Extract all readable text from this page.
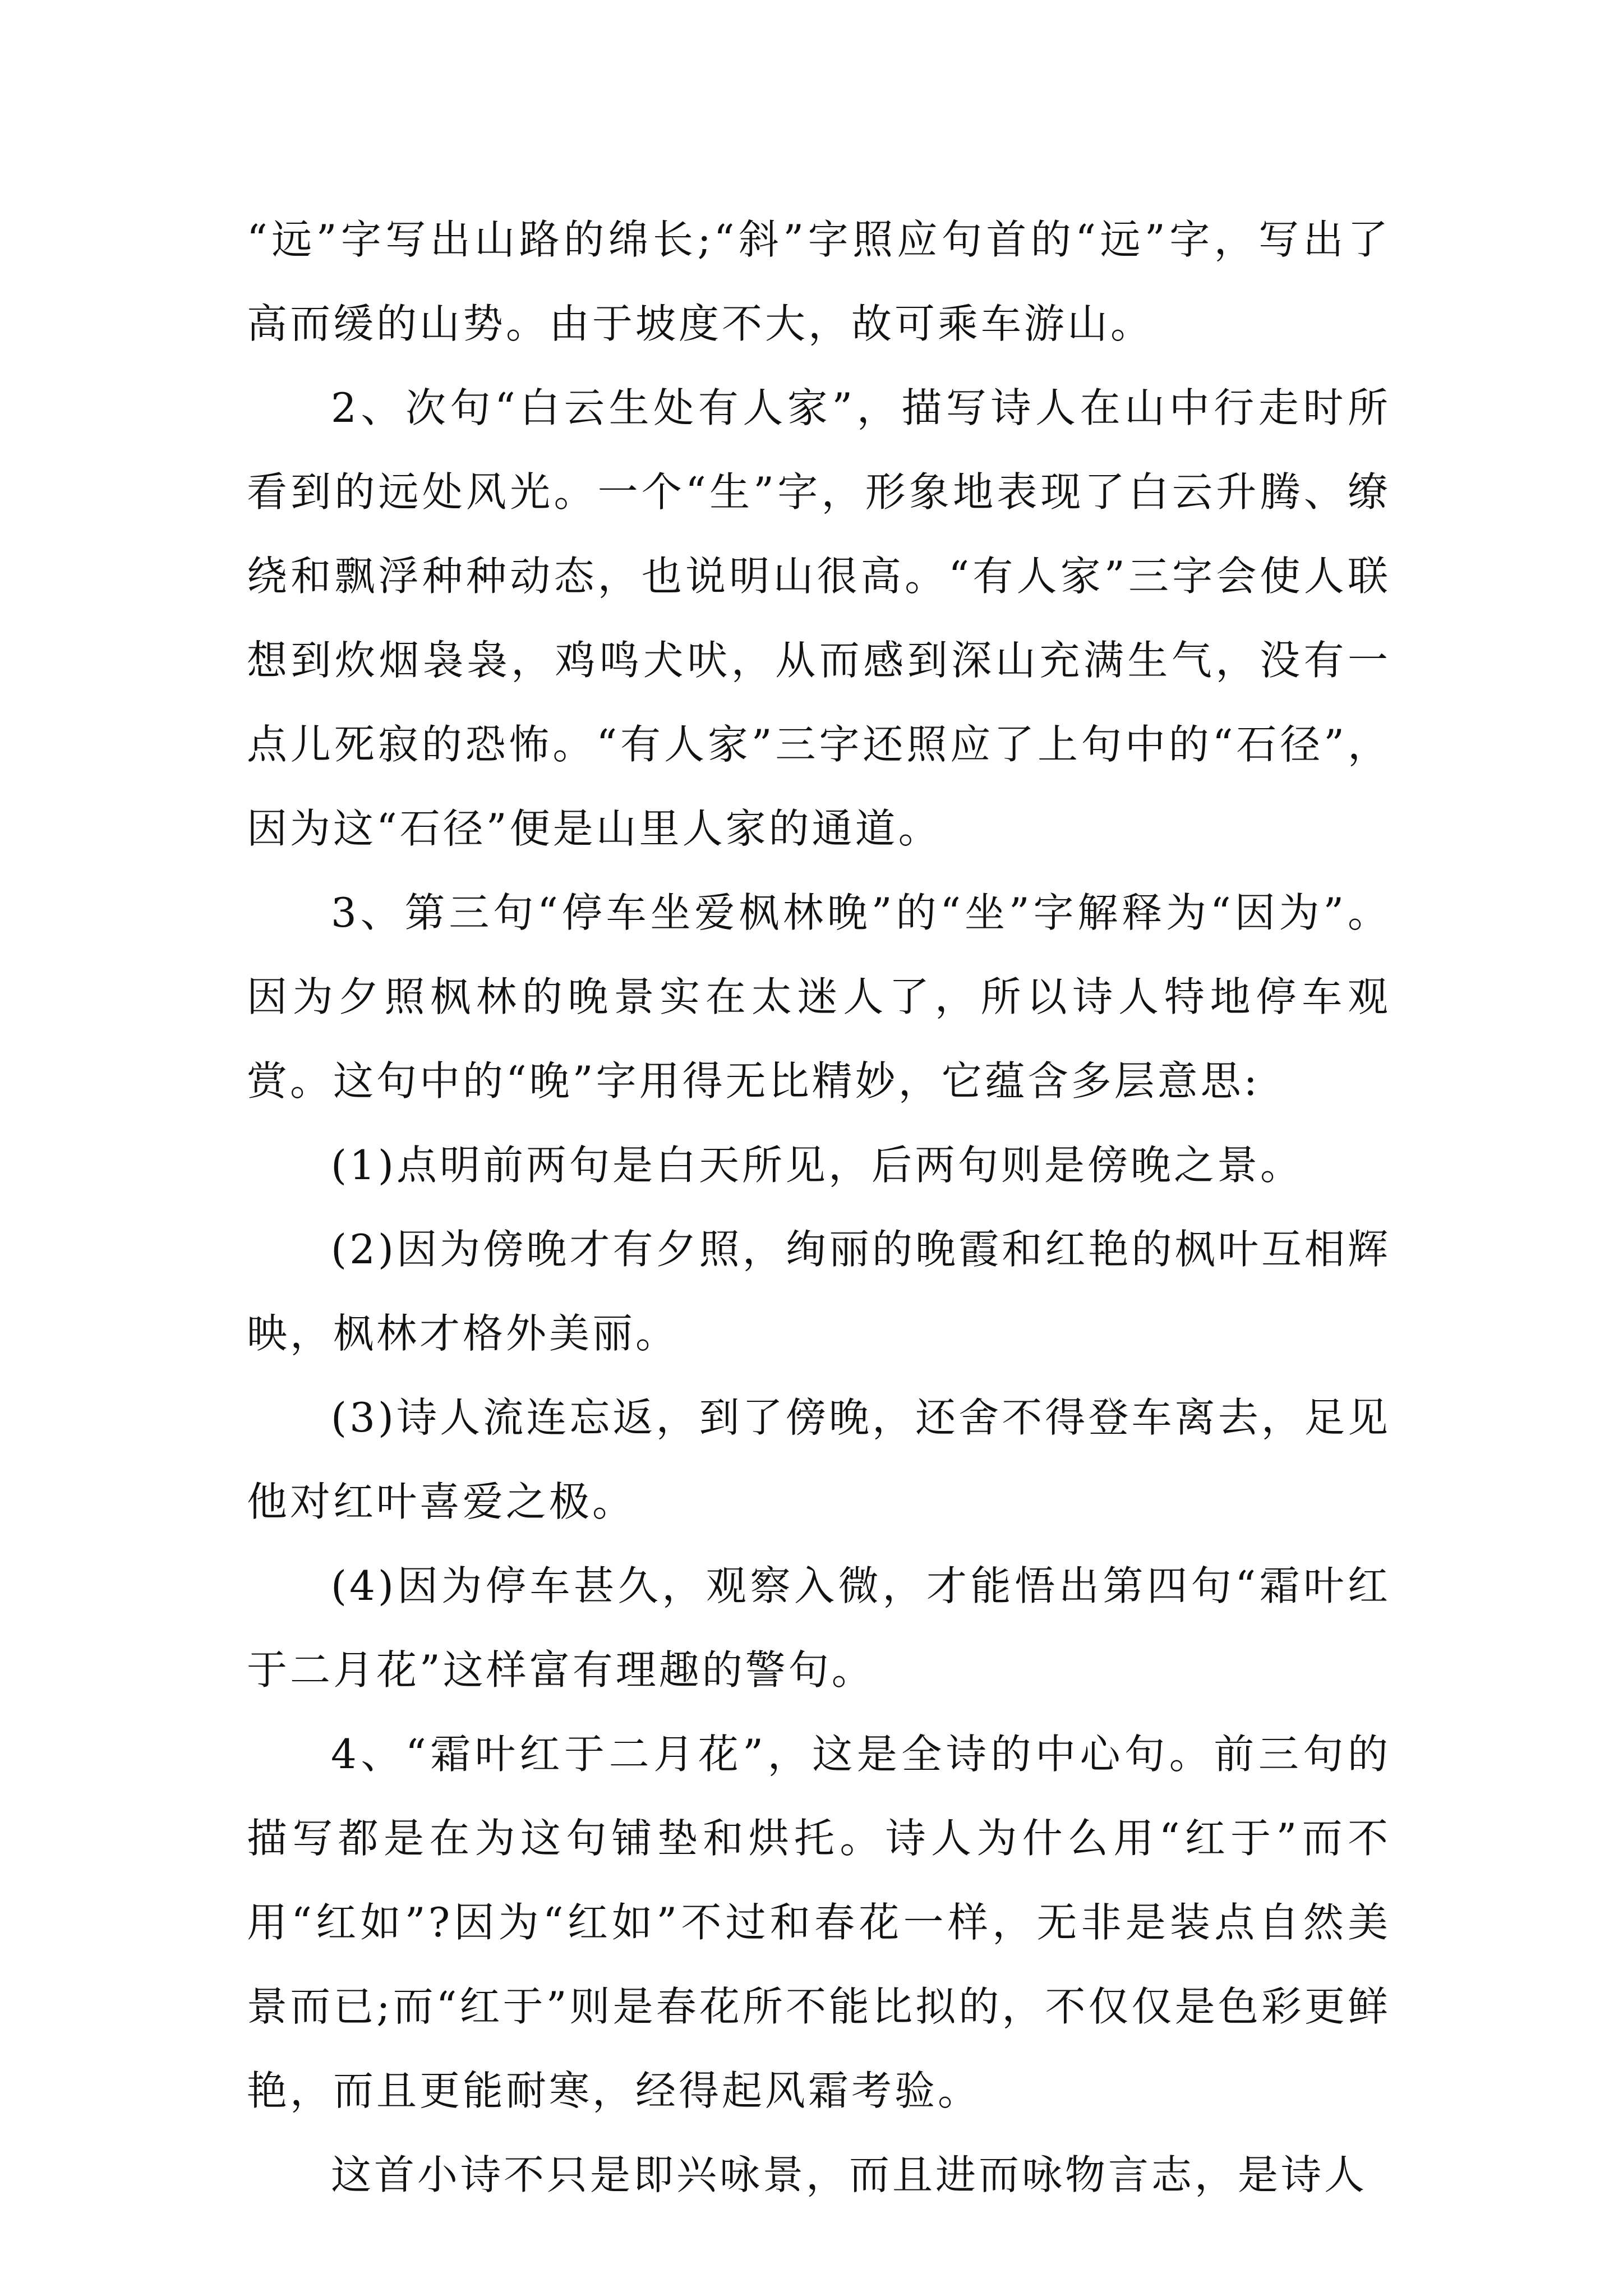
“远”字写出山路的绵长;“斜”字照应句首的“远”字，写出了高而缓的山势。由于坡度不大，故可乘车游山。

2、次句“白云生处有人家”，描写诗人在山中行走时所看到的远处风光。一个“生”字，形象地表现了白云升腾、缭绕和飘浮种种动态，也说明山很高。“有人家”三字会使人联想到炊烟袅袅，鸡鸣犬吠，从而感到深山充满生气，没有一点儿死寂的恐怖。“有人家”三字还照应了上句中的“石径”，因为这“石径”便是山里人家的通道。

3、第三句“停车坐爱枫林晚”的“坐”字解释为“因为”。因为夕照枫林的晚景实在太迷人了，所以诗人特地停车观赏。这句中的“晚”字用得无比精妙，它蕴含多层意思:

(1)点明前两句是白天所见，后两句则是傍晚之景。

(2)因为傍晚才有夕照，绚丽的晚霞和红艳的枫叶互相辉映，枫林才格外美丽。

(3)诗人流连忘返，到了傍晚，还舍不得登车离去，足见他对红叶喜爱之极。

(4)因为停车甚久，观察入微，才能悟出第四句“霜叶红于二月花”这样富有理趣的警句。

4、“霜叶红于二月花”，这是全诗的中心句。前三句的描写都是在为这句铺垫和烘托。诗人为什么用“红于”而不用“红如”?因为“红如”不过和春花一样，无非是装点自然美景而已;而“红于”则是春花所不能比拟的，不仅仅是色彩更鲜艳，而且更能耐寒，经得起风霜考验。

这首小诗不只是即兴咏景，而且进而咏物言志，是诗人
